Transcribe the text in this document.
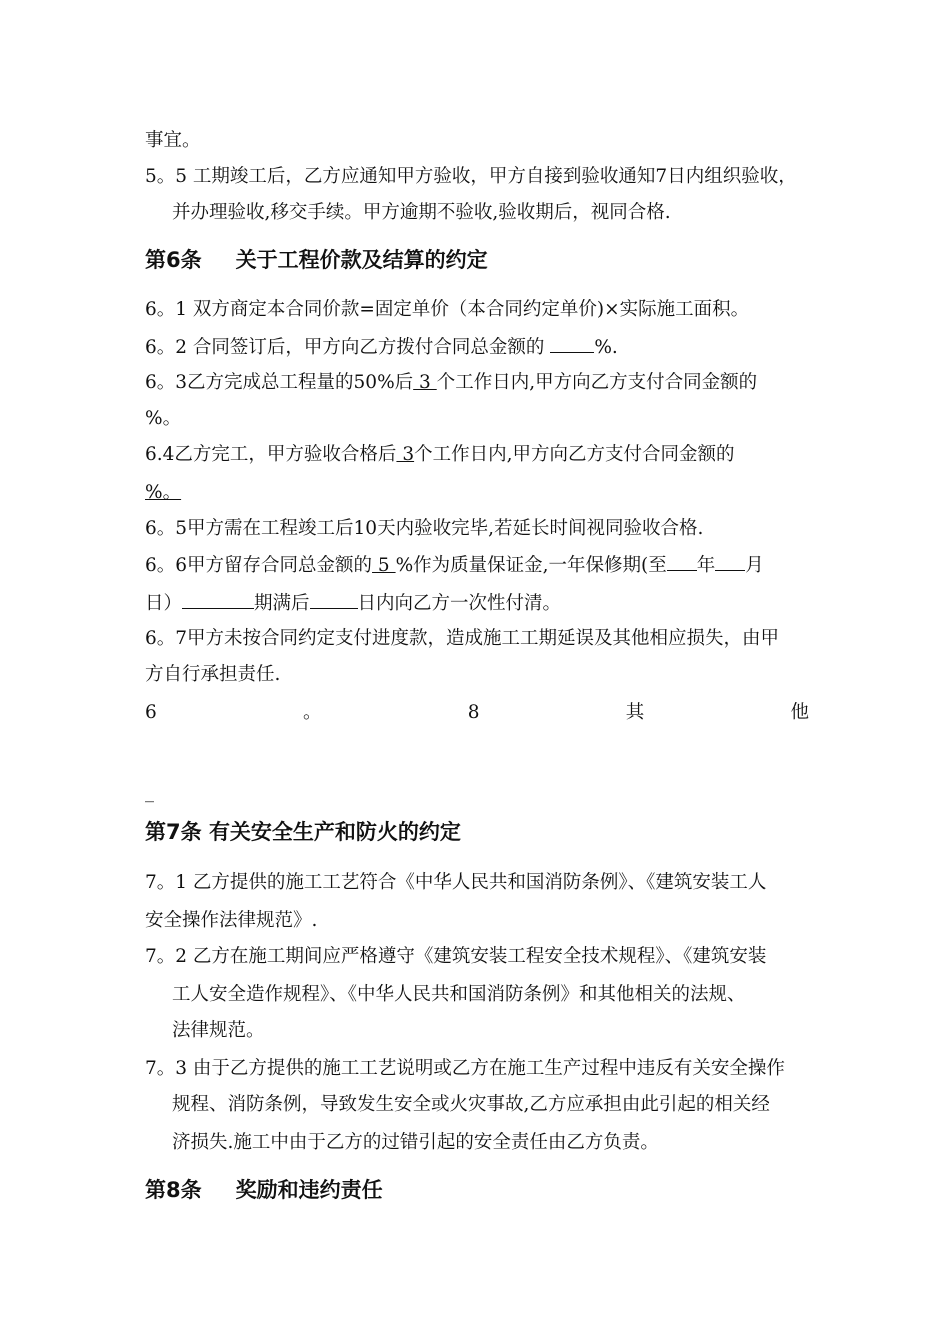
事宜。
5。5 工期竣工后，乙方应通知甲方验收，甲方自接到验收通知7日内组织验收，
并办理验收,移交手续。甲方逾期不验收,验收期后，视同合格.
第6条 关于工程价款及结算的约定
6。1 双方商定本合同价款=固定单价（本合同约定单价)×实际施工面积。
6。2 合同签订后，甲方向乙方拨付合同总金额的 %.
6。3乙方完成总工程量的50%后 3 个工作日内,甲方向乙方支付合同金额的
%。
6.4乙方完工，甲方验收合格后 3个工作日内,甲方向乙方支付合同金额的
%。
6。5甲方需在工程竣工后10天内验收完毕,若延长时间视同验收合格.
6。6甲方留存合同总金额的 5 %作为质量保证金,一年保修期(至 年 月
日）	期满后	日内向乙方一次性付清。
6。7甲方未按合同约定支付进度款，造成施工工期延误及其他相应损失，由甲
方自行承担责任.
6	。	8	其	他
_
第7条 有关安全生产和防火的约定
7。1 乙方提供的施工工艺符合《中华人民共和国消防条例》、《建筑安装工人
安全操作法律规范》.
7。2 乙方在施工期间应严格遵守《建筑安装工程安全技术规程》、《建筑安装
工人安全造作规程》、《中华人民共和国消防条例》和其他相关的法规、
法律规范。
7。3 由于乙方提供的施工工艺说明或乙方在施工生产过程中违反有关安全操作
规程、消防条例，导致发生安全或火灾事故,乙方应承担由此引起的相关经
济损失.施工中由于乙方的过错引起的安全责任由乙方负责。
第8条 奖励和违约责任
